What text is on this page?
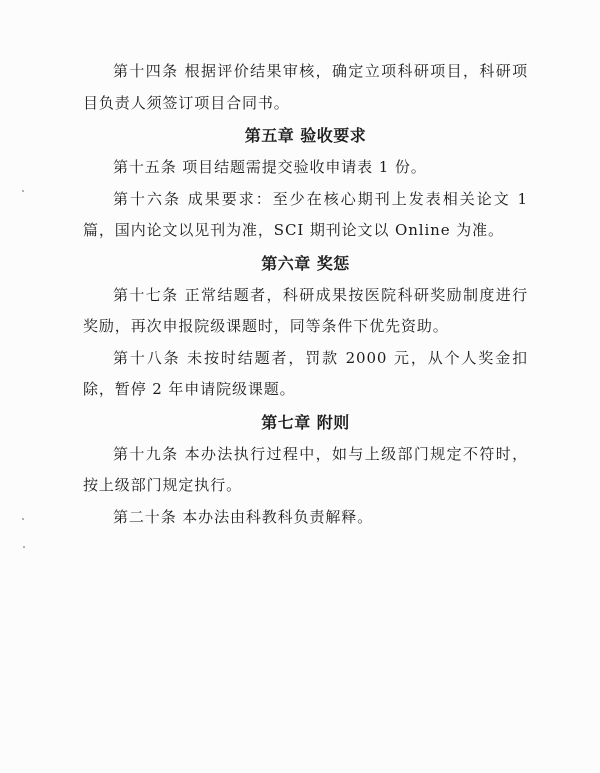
第十四条 根据评价结果审核，确定立项科研项目，科研项目负责人须签订项目合同书。

第五章 验收要求

第十五条 项目结题需提交验收申请表 1 份。

第十六条 成果要求：至少在核心期刊上发表相关论文 1 篇，国内论文以见刊为准，SCI 期刊论文以 Online 为准。

第六章 奖惩

第十七条 正常结题者，科研成果按医院科研奖励制度进行奖励，再次申报院级课题时，同等条件下优先资助。

第十八条 未按时结题者，罚款 2000 元，从个人奖金扣除，暂停 2 年申请院级课题。

第七章 附则

第十九条 本办法执行过程中，如与上级部门规定不符时，按上级部门规定执行。

第二十条 本办法由科教科负责解释。
